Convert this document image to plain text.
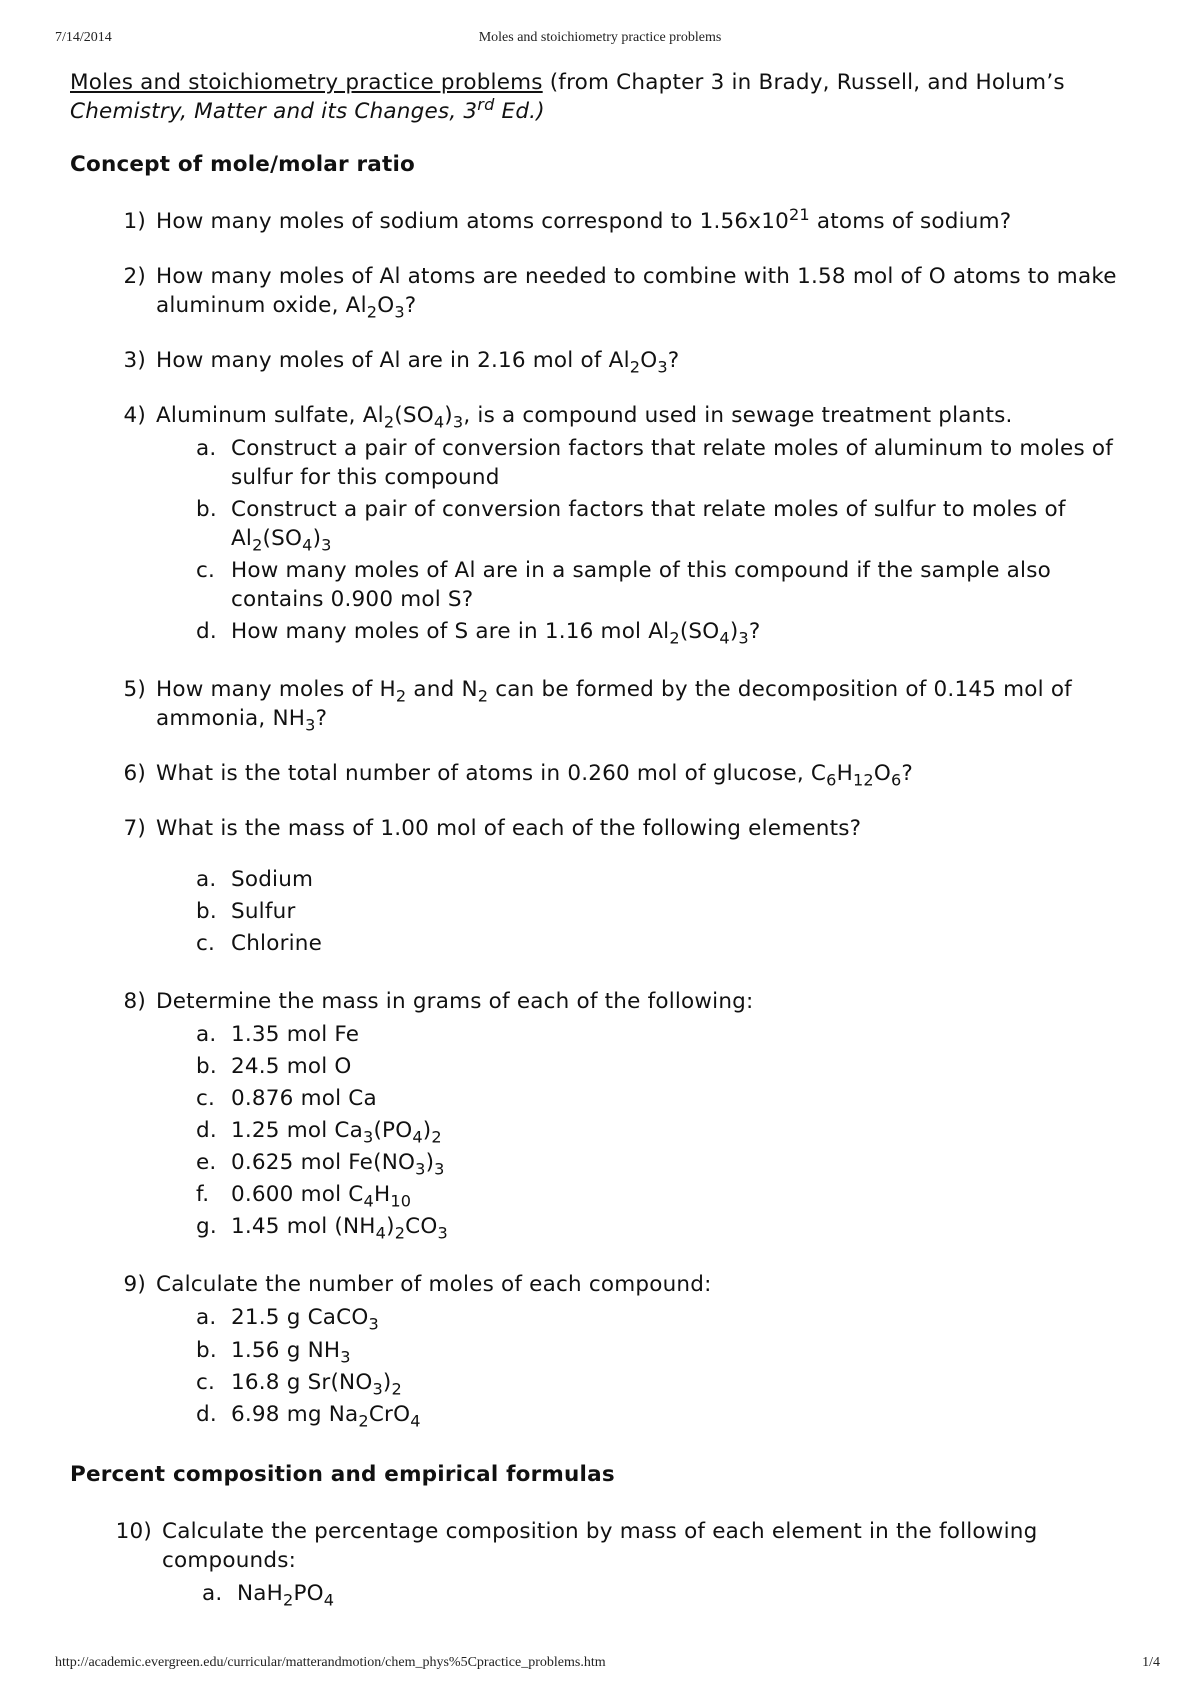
7/14/2014	Moles and stoichiometry practice problems

Moles and stoichiometry practice problems (from Chapter 3 in Brady, Russell, and Holum’s Chemistry, Matter and its Changes, 3rd Ed.)

Concept of mole/molar ratio

1) How many moles of sodium atoms correspond to $1.56x10^{21}$ atoms of sodium?
2) How many moles of Al atoms are needed to combine with 1.58 mol of O atoms to make aluminum oxide, $Al_2O_3$?
3) How many moles of Al are in 2.16 mol of $Al_2O_3$?
4) Aluminum sulfate, $Al_2(SO_4)_3$, is a compound used in sewage treatment plants.
a. Construct a pair of conversion factors that relate moles of aluminum to moles of sulfur for this compound
b. Construct a pair of conversion factors that relate moles of sulfur to moles of $Al_2(SO_4)_3$
c. How many moles of Al are in a sample of this compound if the sample also contains 0.900 mol S?
d. How many moles of S are in 1.16 mol $Al_2(SO_4)_3$?
5) How many moles of $H_2$ and $N_2$ can be formed by the decomposition of 0.145 mol of ammonia, $NH_3$?
6) What is the total number of atoms in 0.260 mol of glucose, $C_6H_{12}O_6$?
7) What is the mass of 1.00 mol of each of the following elements?
a. Sodium
b. Sulfur
c. Chlorine
8) Determine the mass in grams of each of the following:
a. 1.35 mol Fe
b. 24.5 mol O
c. 0.876 mol Ca
d. 1.25 mol $Ca_3(PO_4)_2$
e. 0.625 mol $Fe(NO_3)_3$
f.	0.600 mol $C_4H_{10}$
g. 1.45 mol $(NH_4)_2CO_3$
9) Calculate the number of moles of each compound:
a. 21.5 g CaCO$_3$
b. 1.56 g $NH_3$
c. 16.8 g $Sr(NO_3)_2$
d. 6.98 mg $Na_2CrO_4$

Percent composition and empirical formulas

10) Calculate the percentage composition by mass of each element in the following compounds:
a. $NaH_2PO_4$
http://academic.evergreen.edu/curricular/matterandmotion/chem_phys%5Cpractice_problems.htm	1/4
